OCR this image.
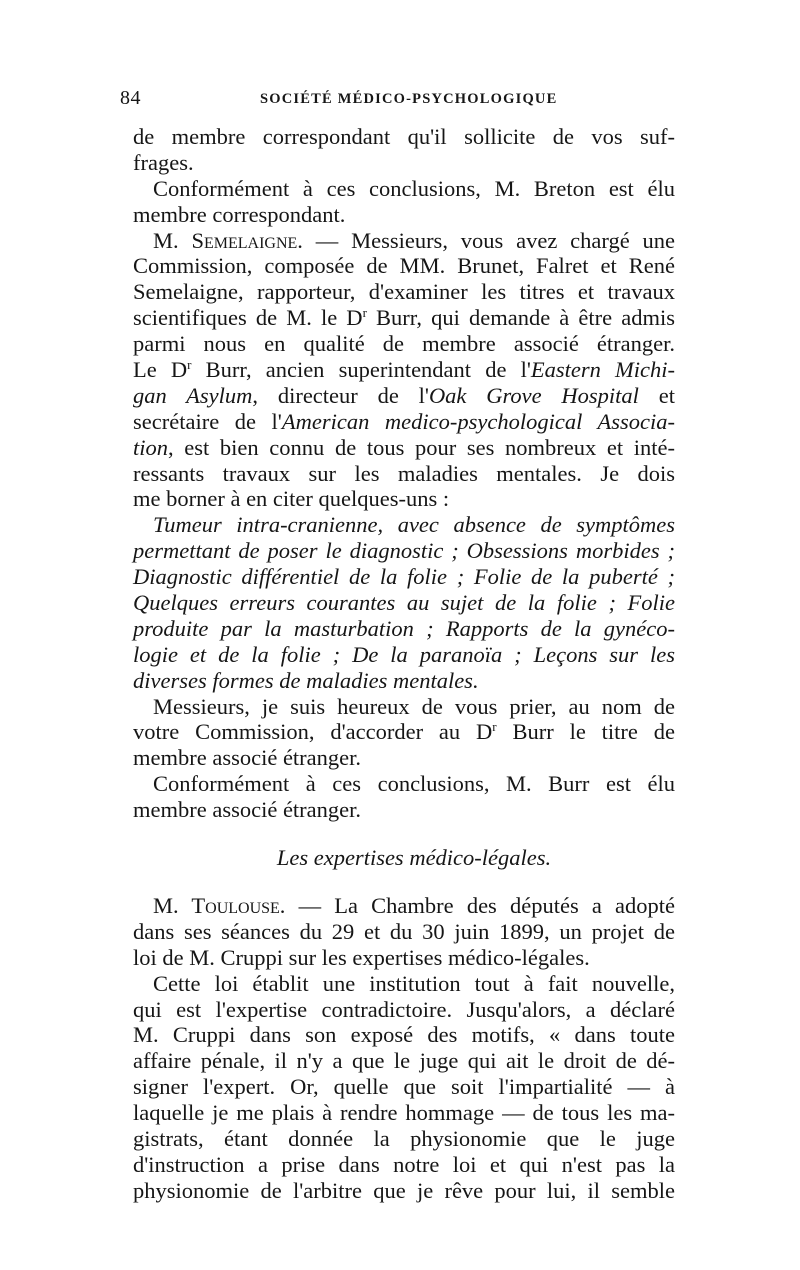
84	SOCIÉTÉ MÉDICO-PSYCHOLOGIQUE
de membre correspondant qu'il sollicite de vos suf-
frages.
Conformément à ces conclusions, M. Breton est élu
membre correspondant.
M. Semelaigne. — Messieurs, vous avez chargé une
Commission, composée de MM. Brunet, Falret et René
Semelaigne, rapporteur, d'examiner les titres et travaux
scientifiques de M. le $D^r$ Burr, qui demande à être admis
parmi nous en qualité de membre associé étranger.
Le $D^r$ Burr, ancien superintendant de l'Eastern Michi-
gan Asylum, directeur de l'Oak Grove Hospital et
secrétaire de l'American medico-psychological Associa-
tion, est bien connu de tous pour ses nombreux et inté-
ressants travaux sur les maladies mentales. Je dois
me borner à en citer quelques-uns :
Tumeur intra-cranienne, avec absence de symptômes
permettant de poser le diagnostic ; Obsessions morbides ;
Diagnostic différentiel de la folie ; Folie de la puberté ;
Quelques erreurs courantes au sujet de la folie ; Folie
produite par la masturbation ; Rapports de la gynéco-
logie et de la folie ; De la paranoïa ; Leçons sur les
diverses formes de maladies mentales.
Messieurs, je suis heureux de vous prier, au nom de
votre Commission, d'accorder au $D^r$ Burr le titre de
membre associé étranger.
Conformément à ces conclusions, M. Burr est élu
membre associé étranger.
Les expertises médico-légales.
M. Toulouse. — La Chambre des députés a adopté
dans ses séances du 29 et du 30 juin 1899, un projet de
loi de M. Cruppi sur les expertises médico-légales.
Cette loi établit une institution tout à fait nouvelle,
qui est l'expertise contradictoire. Jusqu'alors, a déclaré
M. Cruppi dans son exposé des motifs, « dans toute
affaire pénale, il n'y a que le juge qui ait le droit de dé-
signer l'expert. Or, quelle que soit l'impartialité — à
laquelle je me plais à rendre hommage — de tous les ma-
gistrats, étant donnée la physionomie que le juge
d'instruction a prise dans notre loi et qui n'est pas la
physionomie de l'arbitre que je rêve pour lui, il semble
